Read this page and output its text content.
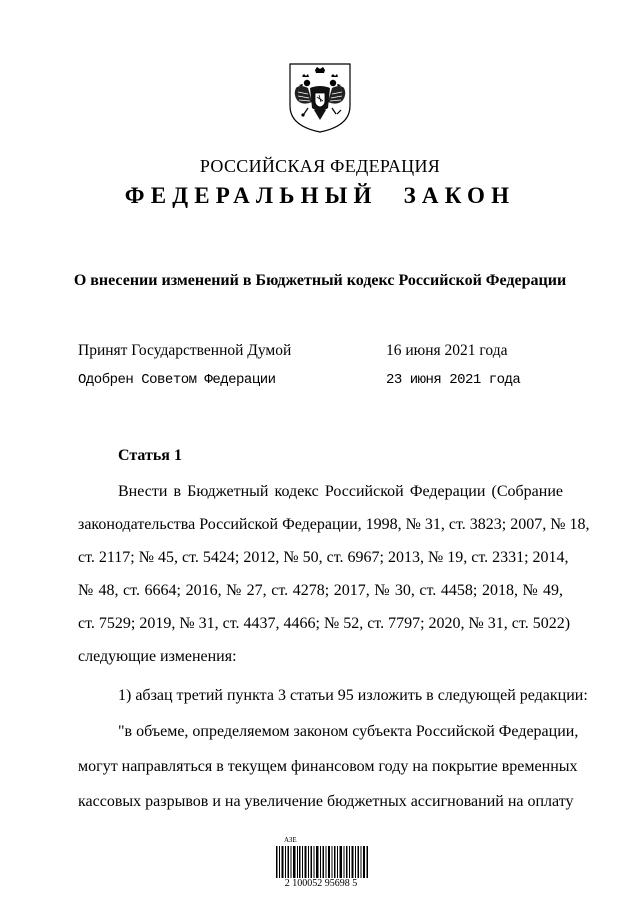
РОССИЙСКАЯ ФЕДЕРАЦИЯ
ФЕДЕРАЛЬНЫЙ ЗАКОН
О внесении изменений в Бюджетный кодекс Российской Федерации
Принят Государственной Думой	16 июня 2021 года
Одобрен Советом Федерации	23 июня 2021 года
Статья 1
Внести в Бюджетный кодекс Российской Федерации (Собрание
законодательства Российской Федерации, 1998, № 31, ст. 3823; 2007, № 18,
ст. 2117; № 45, ст. 5424; 2012, № 50, ст. 6967; 2013, № 19, ст. 2331; 2014,
№ 48, ст. 6664; 2016, № 27, ст. 4278; 2017, № 30, ст. 4458; 2018, № 49,
ст. 7529; 2019, № 31, ст. 4437, 4466; № 52, ст. 7797; 2020, № 31, ст. 5022)
следующие изменения:
1) абзац третий пункта 3 статьи 95 изложить в следующей редакции:
"в объеме, определяемом законом субъекта Российской Федерации,
могут направляться в текущем финансовом году на покрытие временных
кассовых разрывов и на увеличение бюджетных ассигнований на оплату
АЗЕ
2 100052 95698 5
